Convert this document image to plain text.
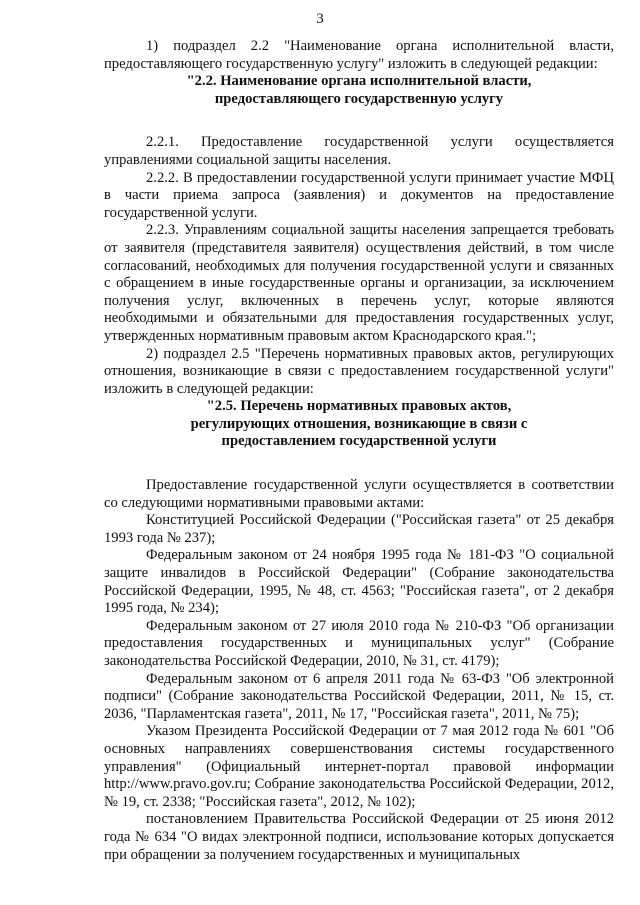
3

1) подраздел 2.2 "Наименование органа исполнительной власти, предоставляющего государственную услугу" изложить в следующей редакции:

"2.2. Наименование органа исполнительной власти,

предоставляющего государственную услугу

2.2.1. Предоставление государственной услуги осуществляется управлениями социальной защиты населения.

2.2.2. В предоставлении государственной услуги принимает участие МФЦ в части приема запроса (заявления) и документов на предоставление государственной услуги.

2.2.3. Управлениям социальной защиты населения запрещается требовать от заявителя (представителя заявителя) осуществления действий, в том числе согласований, необходимых для получения государственной услуги и связанных с обращением в иные государственные органы и организации, за исключением получения услуг, включенных в перечень услуг, которые являются необходимыми и обязательными для предоставления государственных услуг, утвержденных нормативным правовым актом Краснодарского края.";

2) подраздел 2.5 "Перечень нормативных правовых актов, регулирующих отношения, возникающие в связи с предоставлением государственной услуги" изложить в следующей редакции:

"2.5. Перечень нормативных правовых актов,

регулирующих отношения, возникающие в связи с

предоставлением государственной услуги

Предоставление государственной услуги осуществляется в соответствии со следующими нормативными правовыми актами:

Конституцией Российской Федерации ("Российская газета" от 25 декабря 1993 года № 237);

Федеральным законом от 24 ноября 1995 года № 181-ФЗ "О социальной защите инвалидов в Российской Федерации" (Собрание законодательства Российской Федерации, 1995, № 48, ст. 4563; "Российская газета", от 2 декабря 1995 года, № 234);

Федеральным законом от 27 июля 2010 года № 210-ФЗ "Об организации предоставления государственных и муниципальных услуг" (Собрание законодательства Российской Федерации, 2010, № 31, ст. 4179);

Федеральным законом от 6 апреля 2011 года № 63-ФЗ "Об электронной подписи" (Собрание законодательства Российской Федерации, 2011, № 15, ст. 2036, "Парламентская газета", 2011, № 17, "Российская газета", 2011, № 75);

Указом Президента Российской Федерации от 7 мая 2012 года № 601 "Об основных направлениях совершенствования системы государственного управления" (Официальный интернет-портал правовой информации http://www.pravo.gov.ru; Собрание законодательства Российской Федерации, 2012, № 19, ст. 2338; "Российская газета", 2012, № 102);

постановлением Правительства Российской Федерации от 25 июня 2012 года № 634 "О видах электронной подписи, использование которых допускается при обращении за получением государственных и муниципальных
